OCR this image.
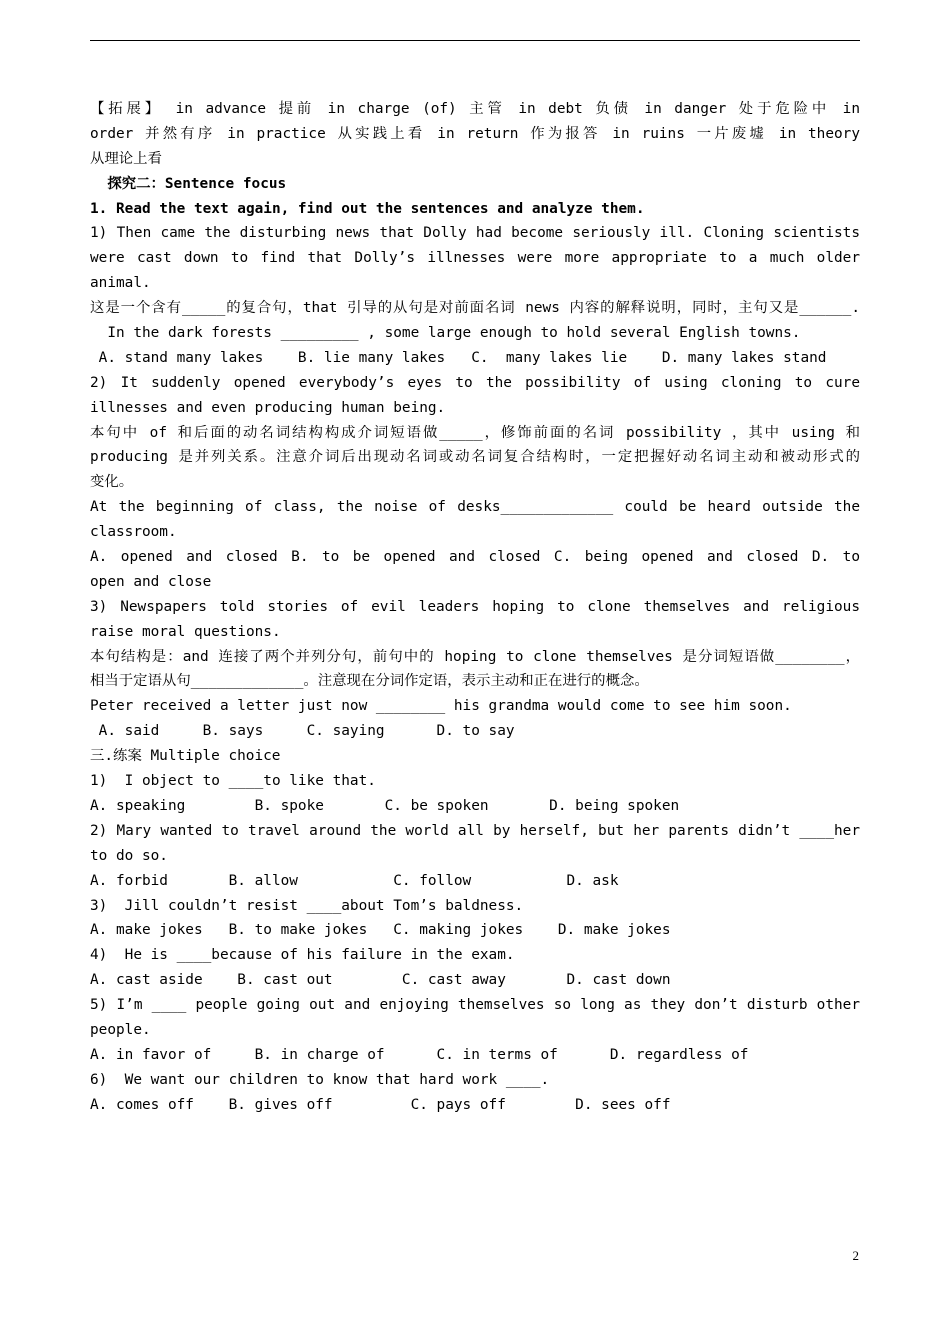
【拓展】 in advance 提前 in charge (of) 主管 in debt 负债 in danger 处于危险中 in
order 并然有序 in practice 从实践上看 in return 作为报答 in ruins 一片废墟 in theory
从理论上看
探究二：Sentence focus
1. Read the text again, find out the sentences and analyze them.
1) Then came the disturbing news that Dolly had become seriously ill. Cloning scientists
were cast down to find that Dolly’s illnesses were more appropriate to a much older
animal.
这是一个含有_____的复合句，that 引导的从句是对前面名词 news 内容的解释说明，同时，主句又是______.
In the dark forests _________ , some large enough to hold several English towns.
A. stand many lakes    B. lie many lakes   C.  many lakes lie    D. many lakes stand
2) It suddenly opened everybody’s eyes to the possibility of using cloning to cure
illnesses and even producing human being.
本句中 of 和后面的动名词结构构成介词短语做_____，修饰前面的名词 possibility ，其中 using 和
producing 是并列关系。注意介词后出现动名词或动名词复合结构时，一定把握好动名词主动和被动形式的
变化。
At the beginning of class, the noise of desks_____________ could be heard outside the
classroom.
A. opened and closed B. to be opened and closed C. being opened and closed D. to
open and close
3) Newspapers told stories of evil leaders hoping to clone themselves and religious
raise moral questions.
本句结构是：and 连接了两个并列分句，前句中的 hoping to clone themselves 是分词短语做________，
相当于定语从句_____________。注意现在分词作定语，表示主动和正在进行的概念。
Peter received a letter just now ________ his grandma would come to see him soon.
A. said     B. says     C. saying      D. to say
三.练案 Multiple choice
1)  I object to ____to like that.
A. speaking        B. spoke       C. be spoken       D. being spoken
2) Mary wanted to travel around the world all by herself, but her parents didn’t ____her
to do so.
A. forbid       B. allow           C. follow           D. ask
3)  Jill couldn’t resist ____about Tom’s baldness.
A. make jokes   B. to make jokes   C. making jokes    D. make jokes
4)  He is ____because of his failure in the exam.
A. cast aside    B. cast out        C. cast away       D. cast down
5) I’m ____ people going out and enjoying themselves so long as they don’t disturb other
people.
A. in favor of     B. in charge of      C. in terms of      D. regardless of
6)  We want our children to know that hard work ____.
A. comes off    B. gives off         C. pays off        D. sees off
2
